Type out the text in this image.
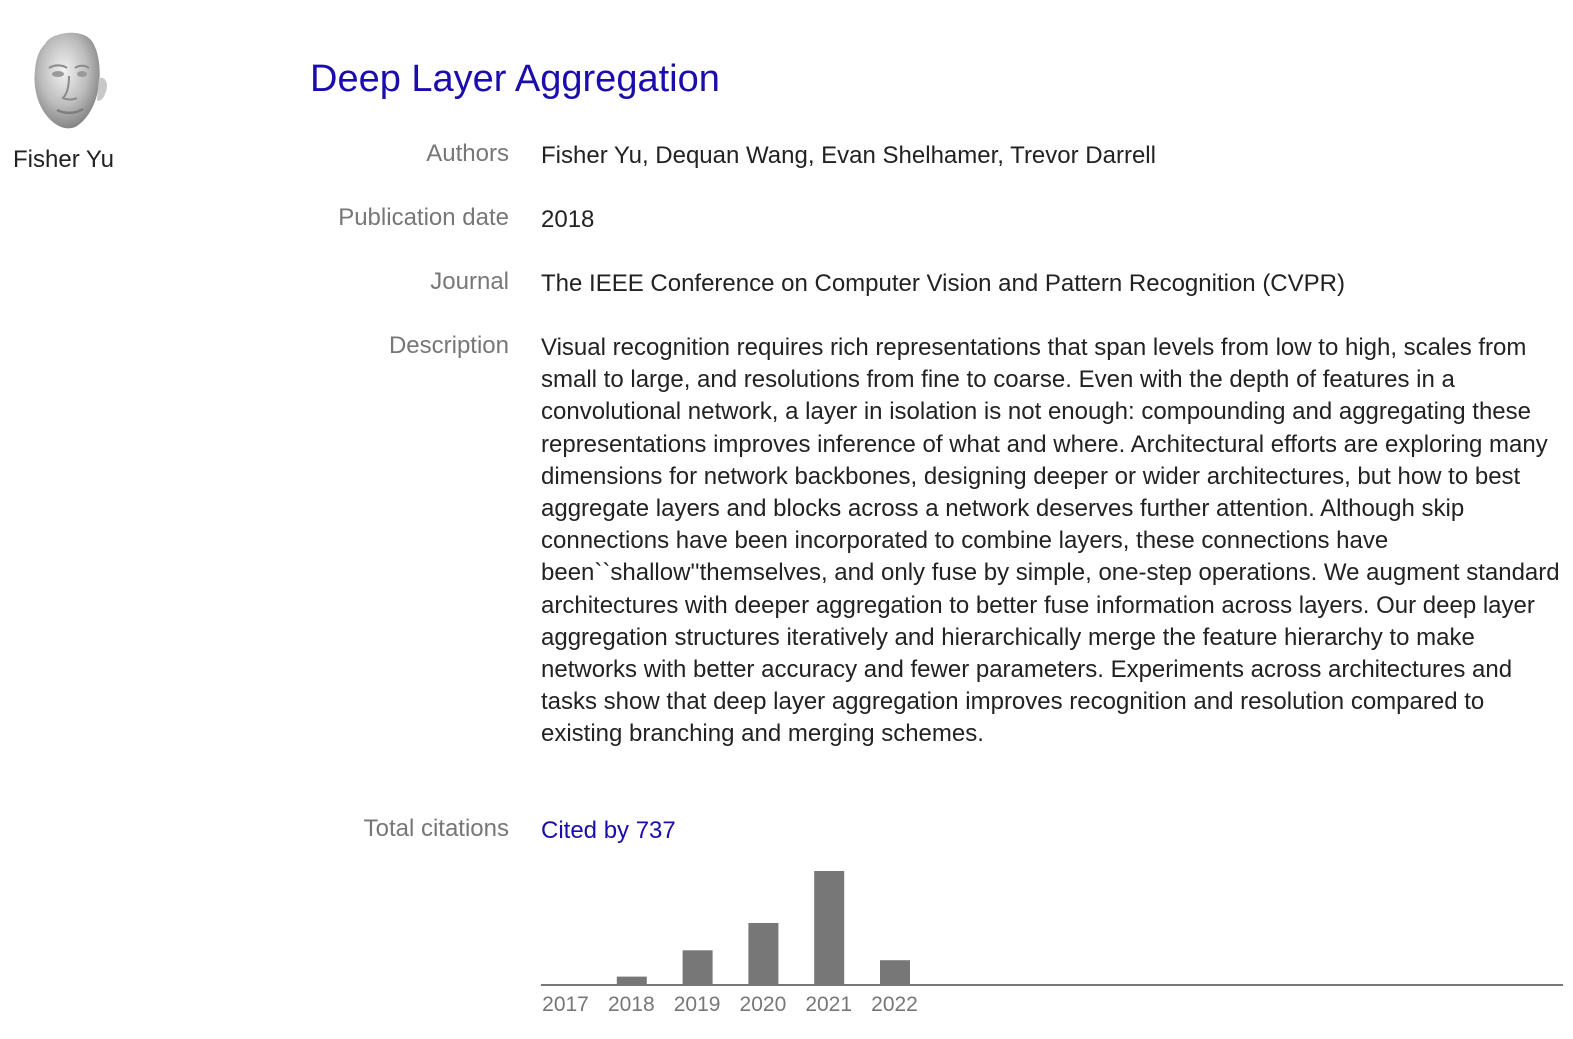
Fisher Yu
Deep Layer Aggregation
Authors Fisher Yu, Dequan Wang, Evan Shelhamer, Trevor Darrell
Publication date 2018
Journal The IEEE Conference on Computer Vision and Pattern Recognition (CVPR)
Description Visual recognition requires rich representations that span levels from low to high, scales from small to large, and resolutions from fine to coarse. Even with the depth of features in a convolutional network, a layer in isolation is not enough: compounding and aggregating these representations improves inference of what and where. Architectural efforts are exploring many dimensions for network backbones, designing deeper or wider architectures, but how to best aggregate layers and blocks across a network deserves further attention. Although skip connections have been incorporated to combine layers, these connections have been``shallow''themselves, and only fuse by simple, one-step operations. We augment standard architectures with deeper aggregation to better fuse information across layers. Our deep layer aggregation structures iteratively and hierarchically merge the feature hierarchy to make networks with better accuracy and fewer parameters. Experiments across architectures and tasks show that deep layer aggregation improves recognition and resolution compared to existing branching and merging schemes.
Total citations Cited by 737
2017 2018 2019 2020 2021 2022
